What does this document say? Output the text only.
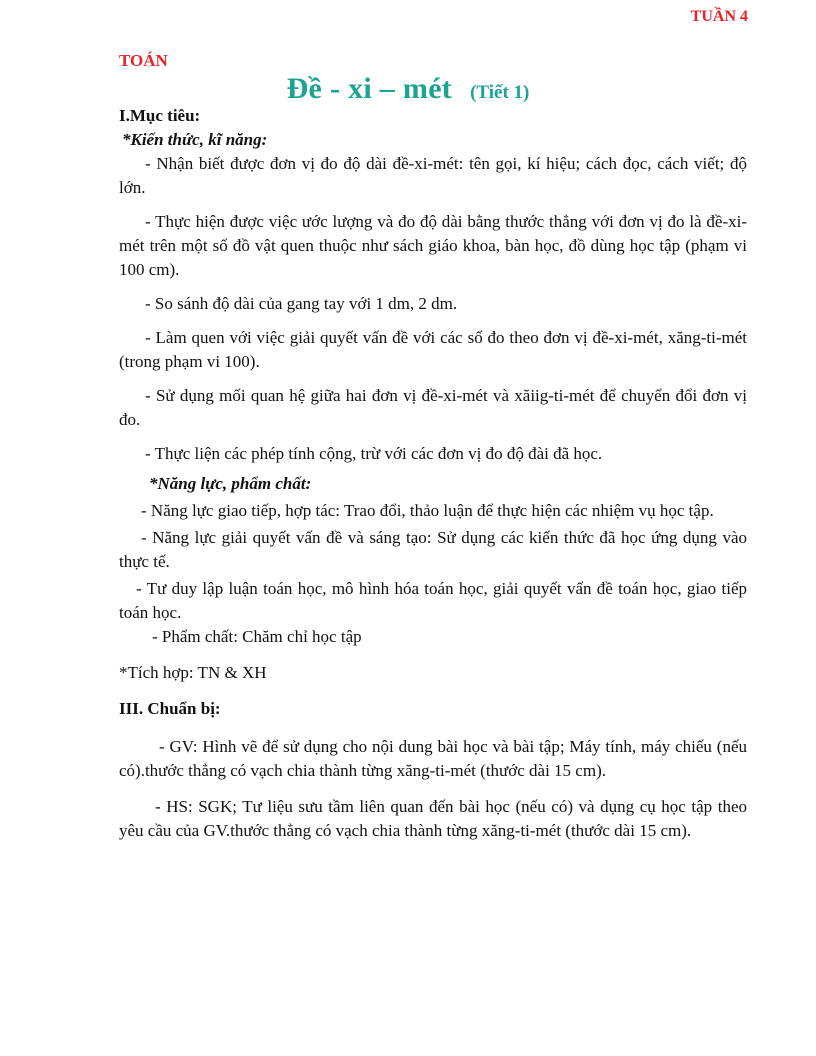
TUẦN 4
TOÁN
Đề - xi – mét (Tiết 1)

I.Mục tiêu:

*Kiến thức, kĩ năng:

- Nhận biết được đơn vị đo độ dài đề-xi-mét: tên gọi, kí hiệu; cách đọc, cách viết; độ lớn.

- Thực hiện được việc ước lượng và đo độ dài bằng thước thẳng với đơn vị đo là đề-xi-mét trên một số đồ vật quen thuộc như sách giáo khoa, bàn học, đồ dùng học tập (phạm vi 100 cm).

- So sánh độ dài của gang tay với 1 dm, 2 dm.

- Làm quen với việc giải quyết vấn đề với các số đo theo đơn vị đề-xi-mét, xăng-ti-mét (trong phạm vi 100).

- Sử dụng mối quan hệ giữa hai đơn vị đề-xi-mét và xăiig-ti-mét để chuyển đổi đơn vị đo.

- Thực liện các phép tính cộng, trừ với các đơn vị đo độ đài đã học.

*Năng lực, phẩm chất:

- Năng lực giao tiếp, hợp tác: Trao đổi, thảo luận để thực hiện các nhiệm vụ học tập.

- Năng lực giải quyết vấn đề và sáng tạo: Sử dụng các kiến thức đã học ứng dụng vào thực tế.

- Tư duy lập luận toán học, mô hình hóa toán học, giải quyết vấn đề toán học, giao tiếp toán học.

- Phẩm chất: Chăm chỉ học tập

*Tích hợp: TN & XH

III. Chuẩn bị:

- GV: Hình vẽ để sử dụng cho nội dung bài học và bài tập; Máy tính, máy chiếu (nếu có).thước thẳng có vạch chia thành từng xăng-ti-mét (thước dài 15 cm).

- HS: SGK; Tư liệu sưu tầm liên quan đến bài học (nếu có) và dụng cụ học tập theo yêu cầu của GV.thước thẳng có vạch chia thành từng xăng-ti-mét (thước dài 15 cm).
